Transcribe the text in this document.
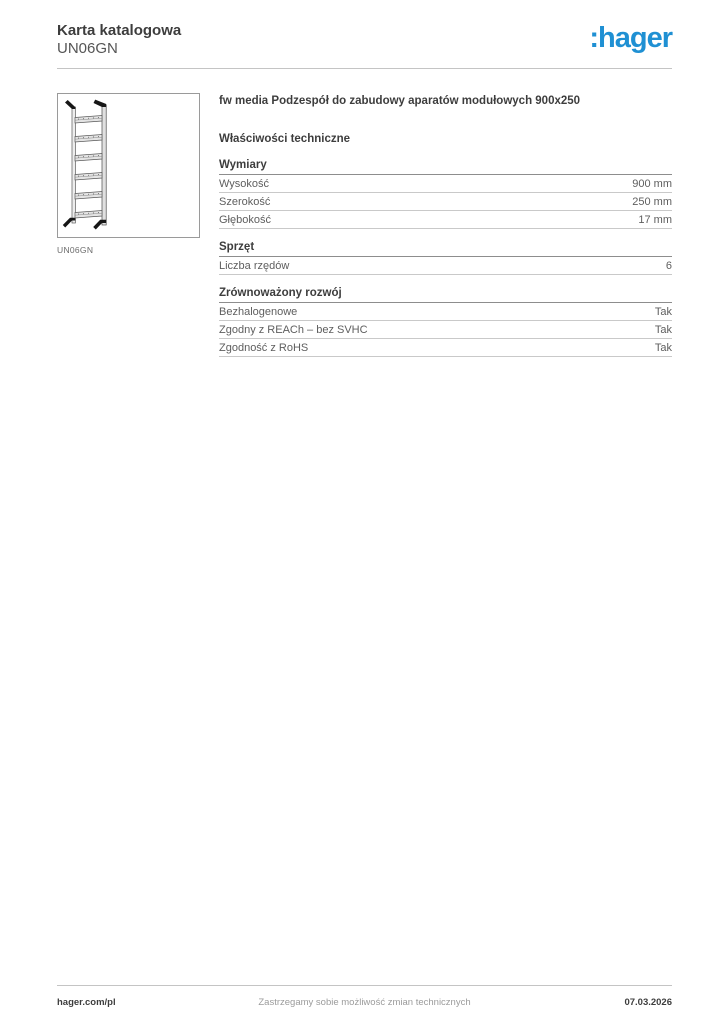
Karta katalogowa
UN06GN	:hager
UN06GN
fw media Podzespół do zabudowy aparatów modułowych 900x250
Właściwości techniczne
Wymiary
Wysokość	900 mm
Szerokość	250 mm
Głębokość	17 mm
Sprzęt
Liczba rzędów	6
Zrównoważony rozwój
Bezhalogenowe	Tak
Zgodny z REACh – bez SVHC	Tak
Zgodność z RoHS	Tak
Zastrzegamy sobie możliwość zmian technicznych
hager.com/pl	07.03.2026
